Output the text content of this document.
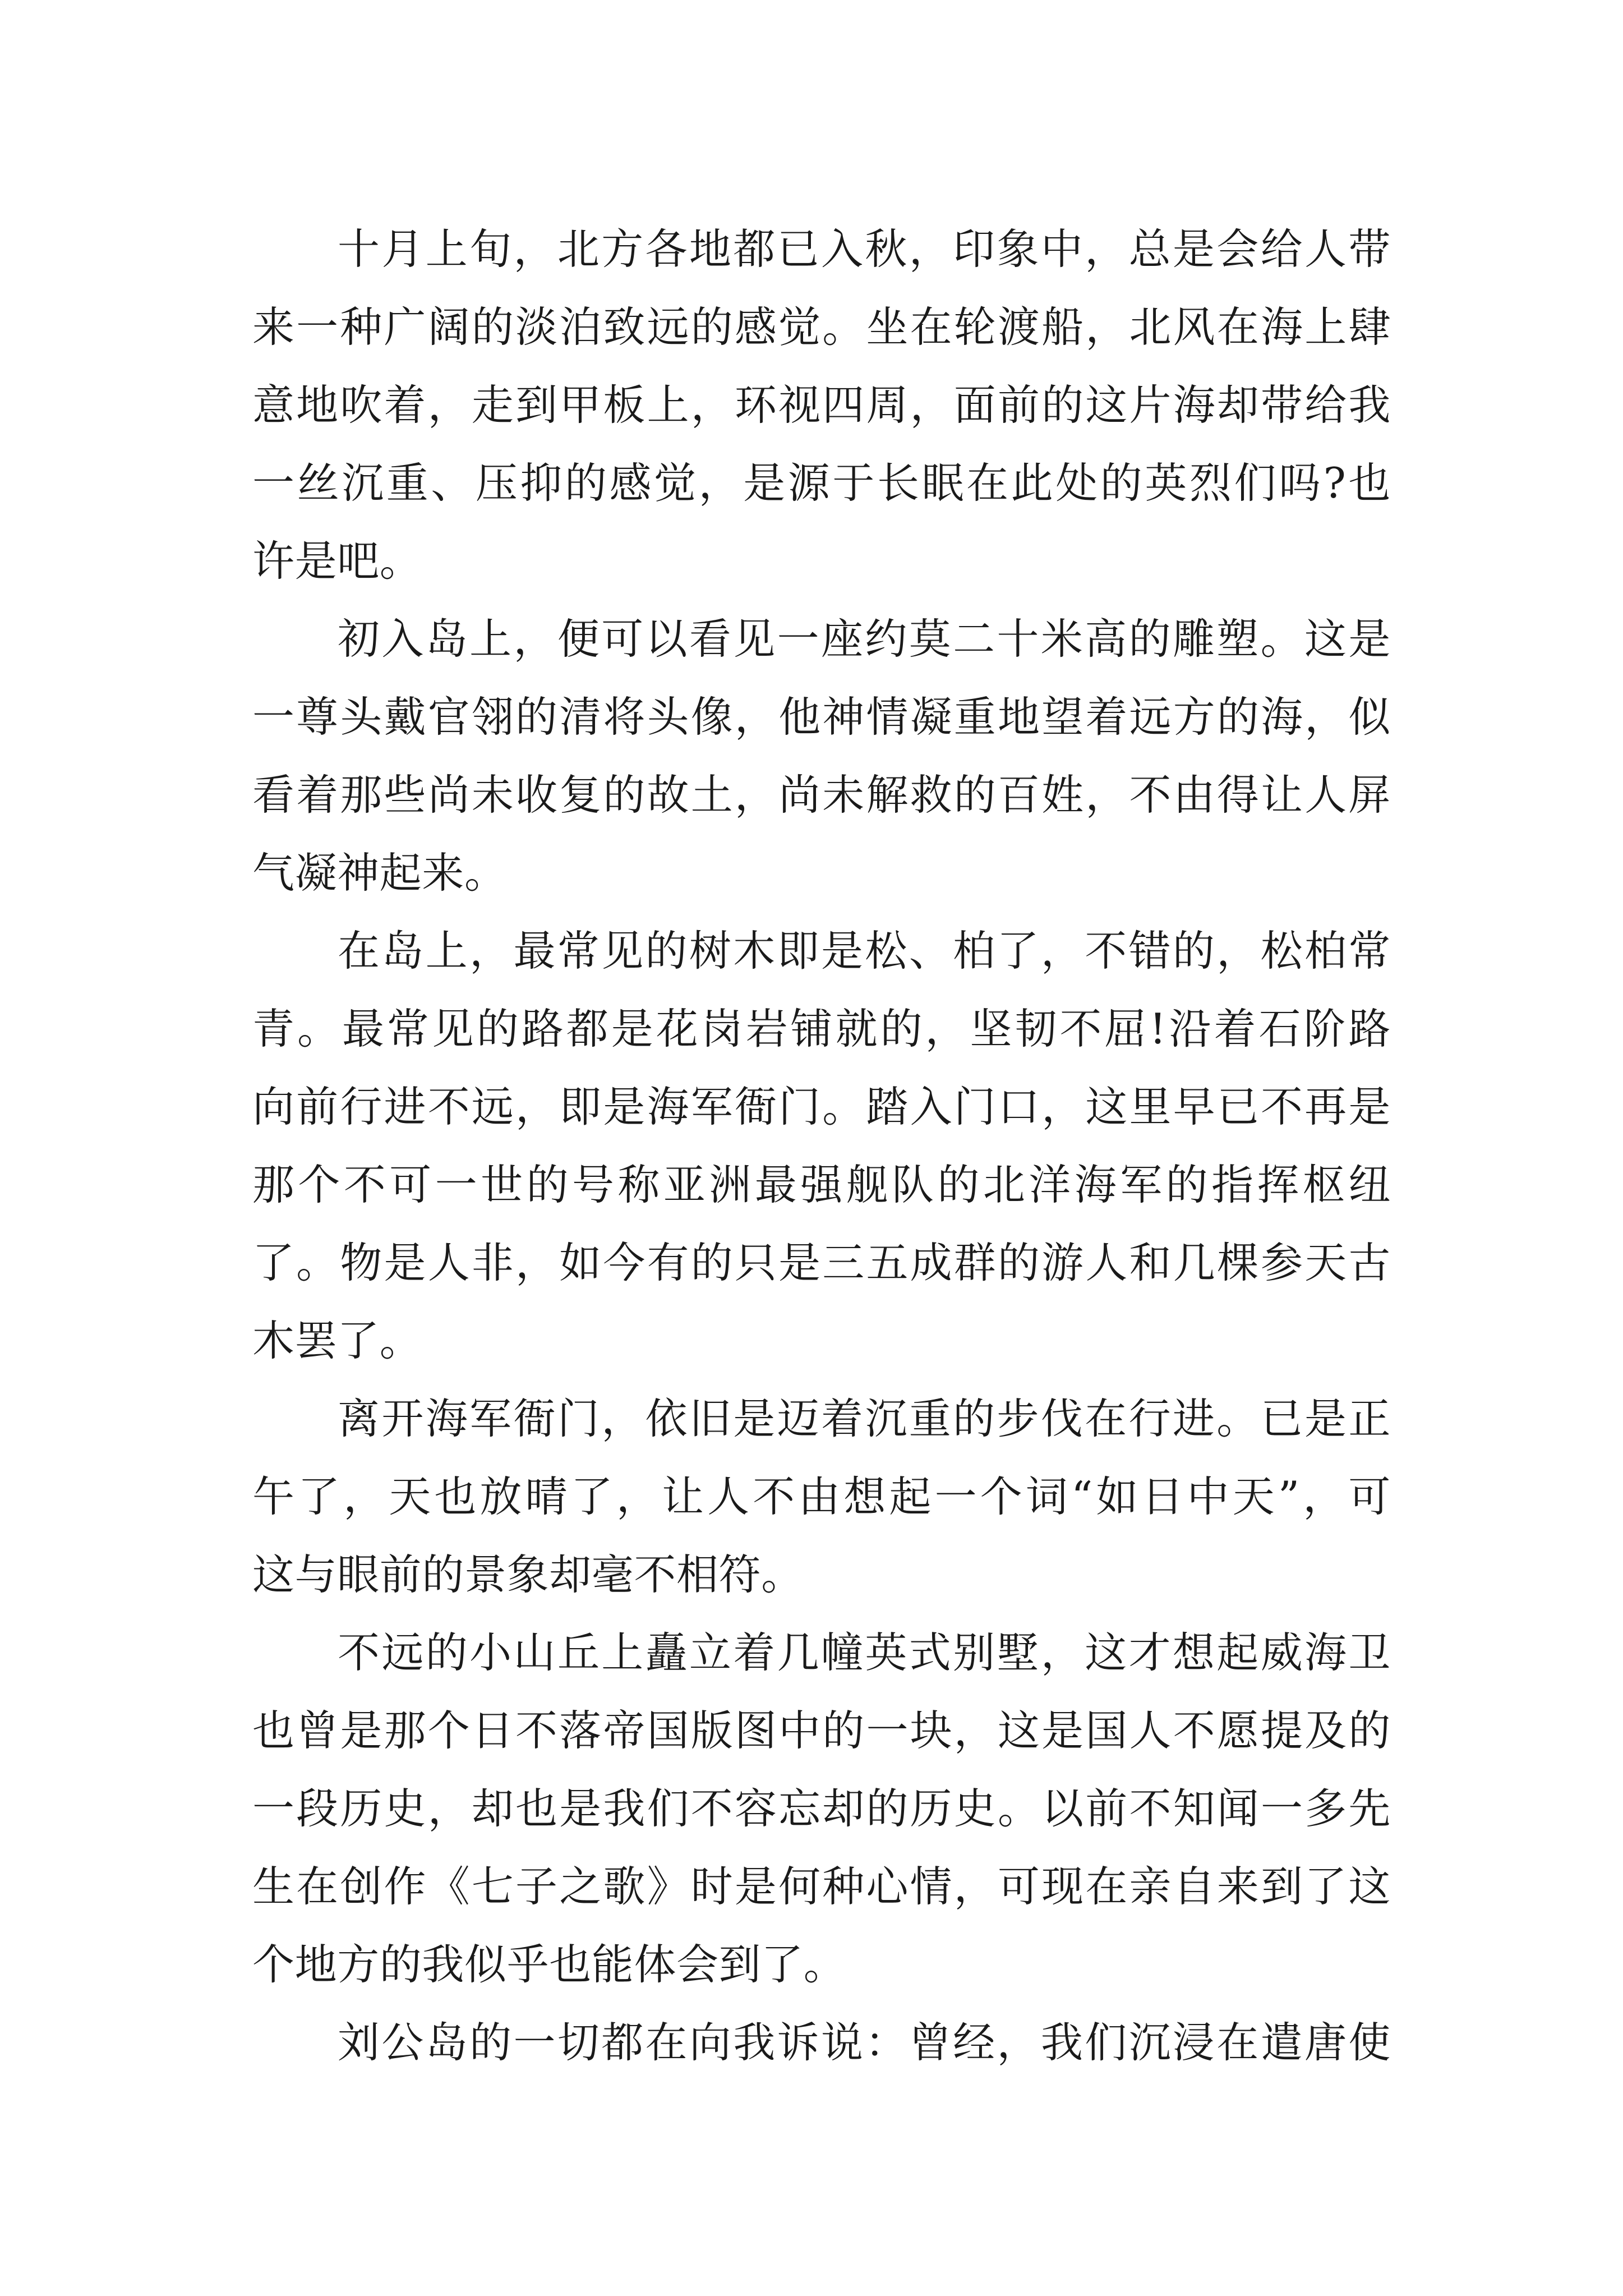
十月上旬，北方各地都已入秋，印象中，总是会给人带
来一种广阔的淡泊致远的感觉。坐在轮渡船，北风在海上肆
意地吹着，走到甲板上，环视四周，面前的这片海却带给我
一丝沉重、压抑的感觉，是源于长眠在此处的英烈们吗?也
许是吧。
初入岛上，便可以看见一座约莫二十米高的雕塑。这是
一尊头戴官翎的清将头像，他神情凝重地望着远方的海，似
看着那些尚未收复的故土，尚未解救的百姓，不由得让人屏
气凝神起来。
在岛上，最常见的树木即是松、柏了，不错的，松柏常
青。最常见的路都是花岗岩铺就的，坚韧不屈!沿着石阶路
向前行进不远，即是海军衙门。踏入门口，这里早已不再是
那个不可一世的号称亚洲最强舰队的北洋海军的指挥枢纽
了。物是人非，如今有的只是三五成群的游人和几棵参天古
木罢了。
离开海军衙门，依旧是迈着沉重的步伐在行进。已是正
午了，天也放晴了，让人不由想起一个词“如日中天”，可
这与眼前的景象却毫不相符。
不远的小山丘上矗立着几幢英式别墅，这才想起威海卫
也曾是那个日不落帝国版图中的一块，这是国人不愿提及的
一段历史，却也是我们不容忘却的历史。以前不知闻一多先
生在创作《七子之歌》时是何种心情，可现在亲自来到了这
个地方的我似乎也能体会到了。
刘公岛的一切都在向我诉说：曾经，我们沉浸在遣唐使
